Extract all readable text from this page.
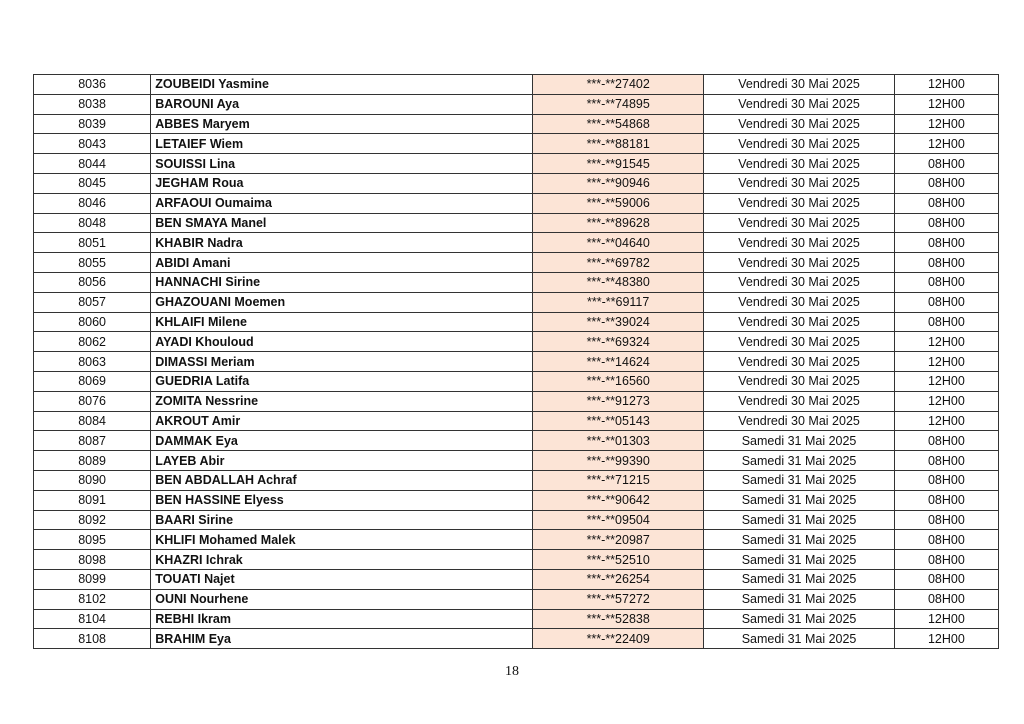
8036	ZOUBEIDI Yasmine	***-**27402	Vendredi 30 Mai 2025	12H00
8038	BAROUNI Aya	***-**74895	Vendredi 30 Mai 2025	12H00
8039	ABBES Maryem	***-**54868	Vendredi 30 Mai 2025	12H00
8043	LETAIEF Wiem	***-**88181	Vendredi 30 Mai 2025	12H00
8044	SOUISSI Lina	***-**91545	Vendredi 30 Mai 2025	08H00
8045	JEGHAM Roua	***-**90946	Vendredi 30 Mai 2025	08H00
8046	ARFAOUI Oumaima	***-**59006	Vendredi 30 Mai 2025	08H00
8048	BEN SMAYA Manel	***-**89628	Vendredi 30 Mai 2025	08H00
8051	KHABIR Nadra	***-**04640	Vendredi 30 Mai 2025	08H00
8055	ABIDI Amani	***-**69782	Vendredi 30 Mai 2025	08H00
8056	HANNACHI Sirine	***-**48380	Vendredi 30 Mai 2025	08H00
8057	GHAZOUANI Moemen	***-**69117	Vendredi 30 Mai 2025	08H00
8060	KHLAIFI Milene	***-**39024	Vendredi 30 Mai 2025	08H00
8062	AYADI Khouloud	***-**69324	Vendredi 30 Mai 2025	12H00
8063	DIMASSI Meriam	***-**14624	Vendredi 30 Mai 2025	12H00
8069	GUEDRIA Latifa	***-**16560	Vendredi 30 Mai 2025	12H00
8076	ZOMITA Nessrine	***-**91273	Vendredi 30 Mai 2025	12H00
8084	AKROUT Amir	***-**05143	Vendredi 30 Mai 2025	12H00
8087	DAMMAK Eya	***-**01303	Samedi 31 Mai 2025	08H00
8089	LAYEB Abir	***-**99390	Samedi 31 Mai 2025	08H00
8090	BEN ABDALLAH Achraf	***-**71215	Samedi 31 Mai 2025	08H00
8091	BEN HASSINE Elyess	***-**90642	Samedi 31 Mai 2025	08H00
8092	BAARI Sirine	***-**09504	Samedi 31 Mai 2025	08H00
8095	KHLIFI Mohamed Malek	***-**20987	Samedi 31 Mai 2025	08H00
8098	KHAZRI Ichrak	***-**52510	Samedi 31 Mai 2025	08H00
8099	TOUATI Najet	***-**26254	Samedi 31 Mai 2025	08H00
8102	OUNI Nourhene	***-**57272	Samedi 31 Mai 2025	08H00
8104	REBHI Ikram	***-**52838	Samedi 31 Mai 2025	12H00
8108	BRAHIM Eya	***-**22409	Samedi 31 Mai 2025	12H00
18
